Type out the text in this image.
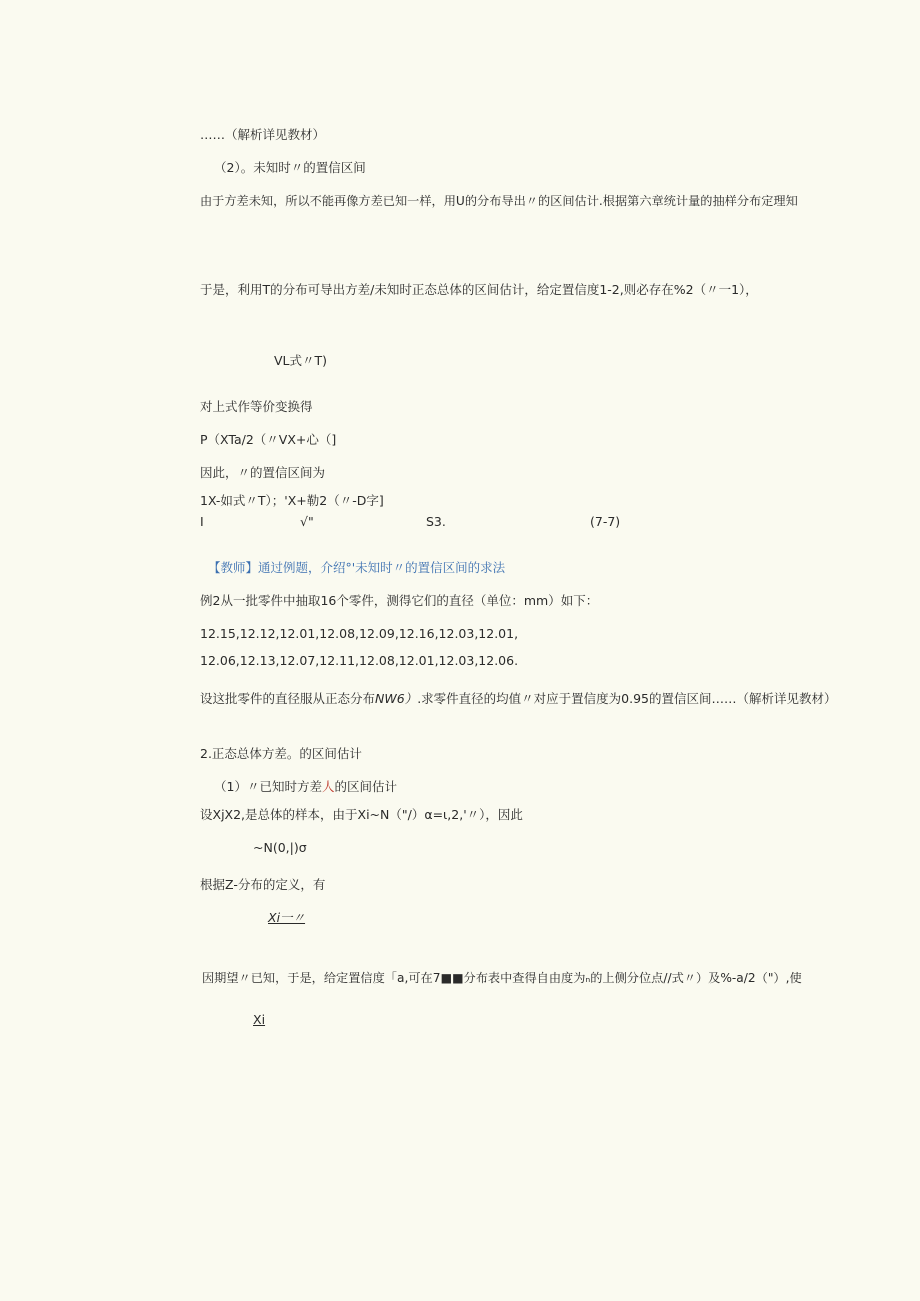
……（解析详见教材）
（2）。未知时〃的置信区间
由于方差未知，所以不能再像方差已知一样，用U的分布导出〃的区间估计.根据第六章统计量的抽样分布定理知
于是，利用T的分布可导出方差/未知时正态总体的区间估计，给定置信度1-2,则必存在%2（〃一1），
VL式〃T)
对上式作等价变换得
P（XTa/2（〃VX+心（]
因此，〃的置信区间为
1X-如式〃T）；'X+勒2（〃-D字]
I	√"	S3.	(7-7)
【教师】通过例题，介绍°'未知时〃的置信区间的求法
例2从一批零件中抽取16个零件，测得它们的直径（单位：mm）如下：
12.15,12.12,12.01,12.08,12.09,12.16,12.03,12.01,
12.06,12.13,12.07,12.11,12.08,12.01,12.03,12.06.
设这批零件的直径服从正态分布NW6）.求零件直径的均值〃对应于置信度为0.95的置信区间……（解析详见教材）
2.正态总体方差。的区间估计
（1）〃已知时方差人的区间估计
设XjX2,是总体的样本，由于Xi~N（"/）α=ι,2,'〃），因此
~N(0,|)σ
根据Z-分布的定义，有
Xi一〃
因期望〃已知，于是，给定置信度「a,可在7■■分布表中查得自由度为ₙ的上侧分位点//式〃）及%-a/2（"）,使
Xi
